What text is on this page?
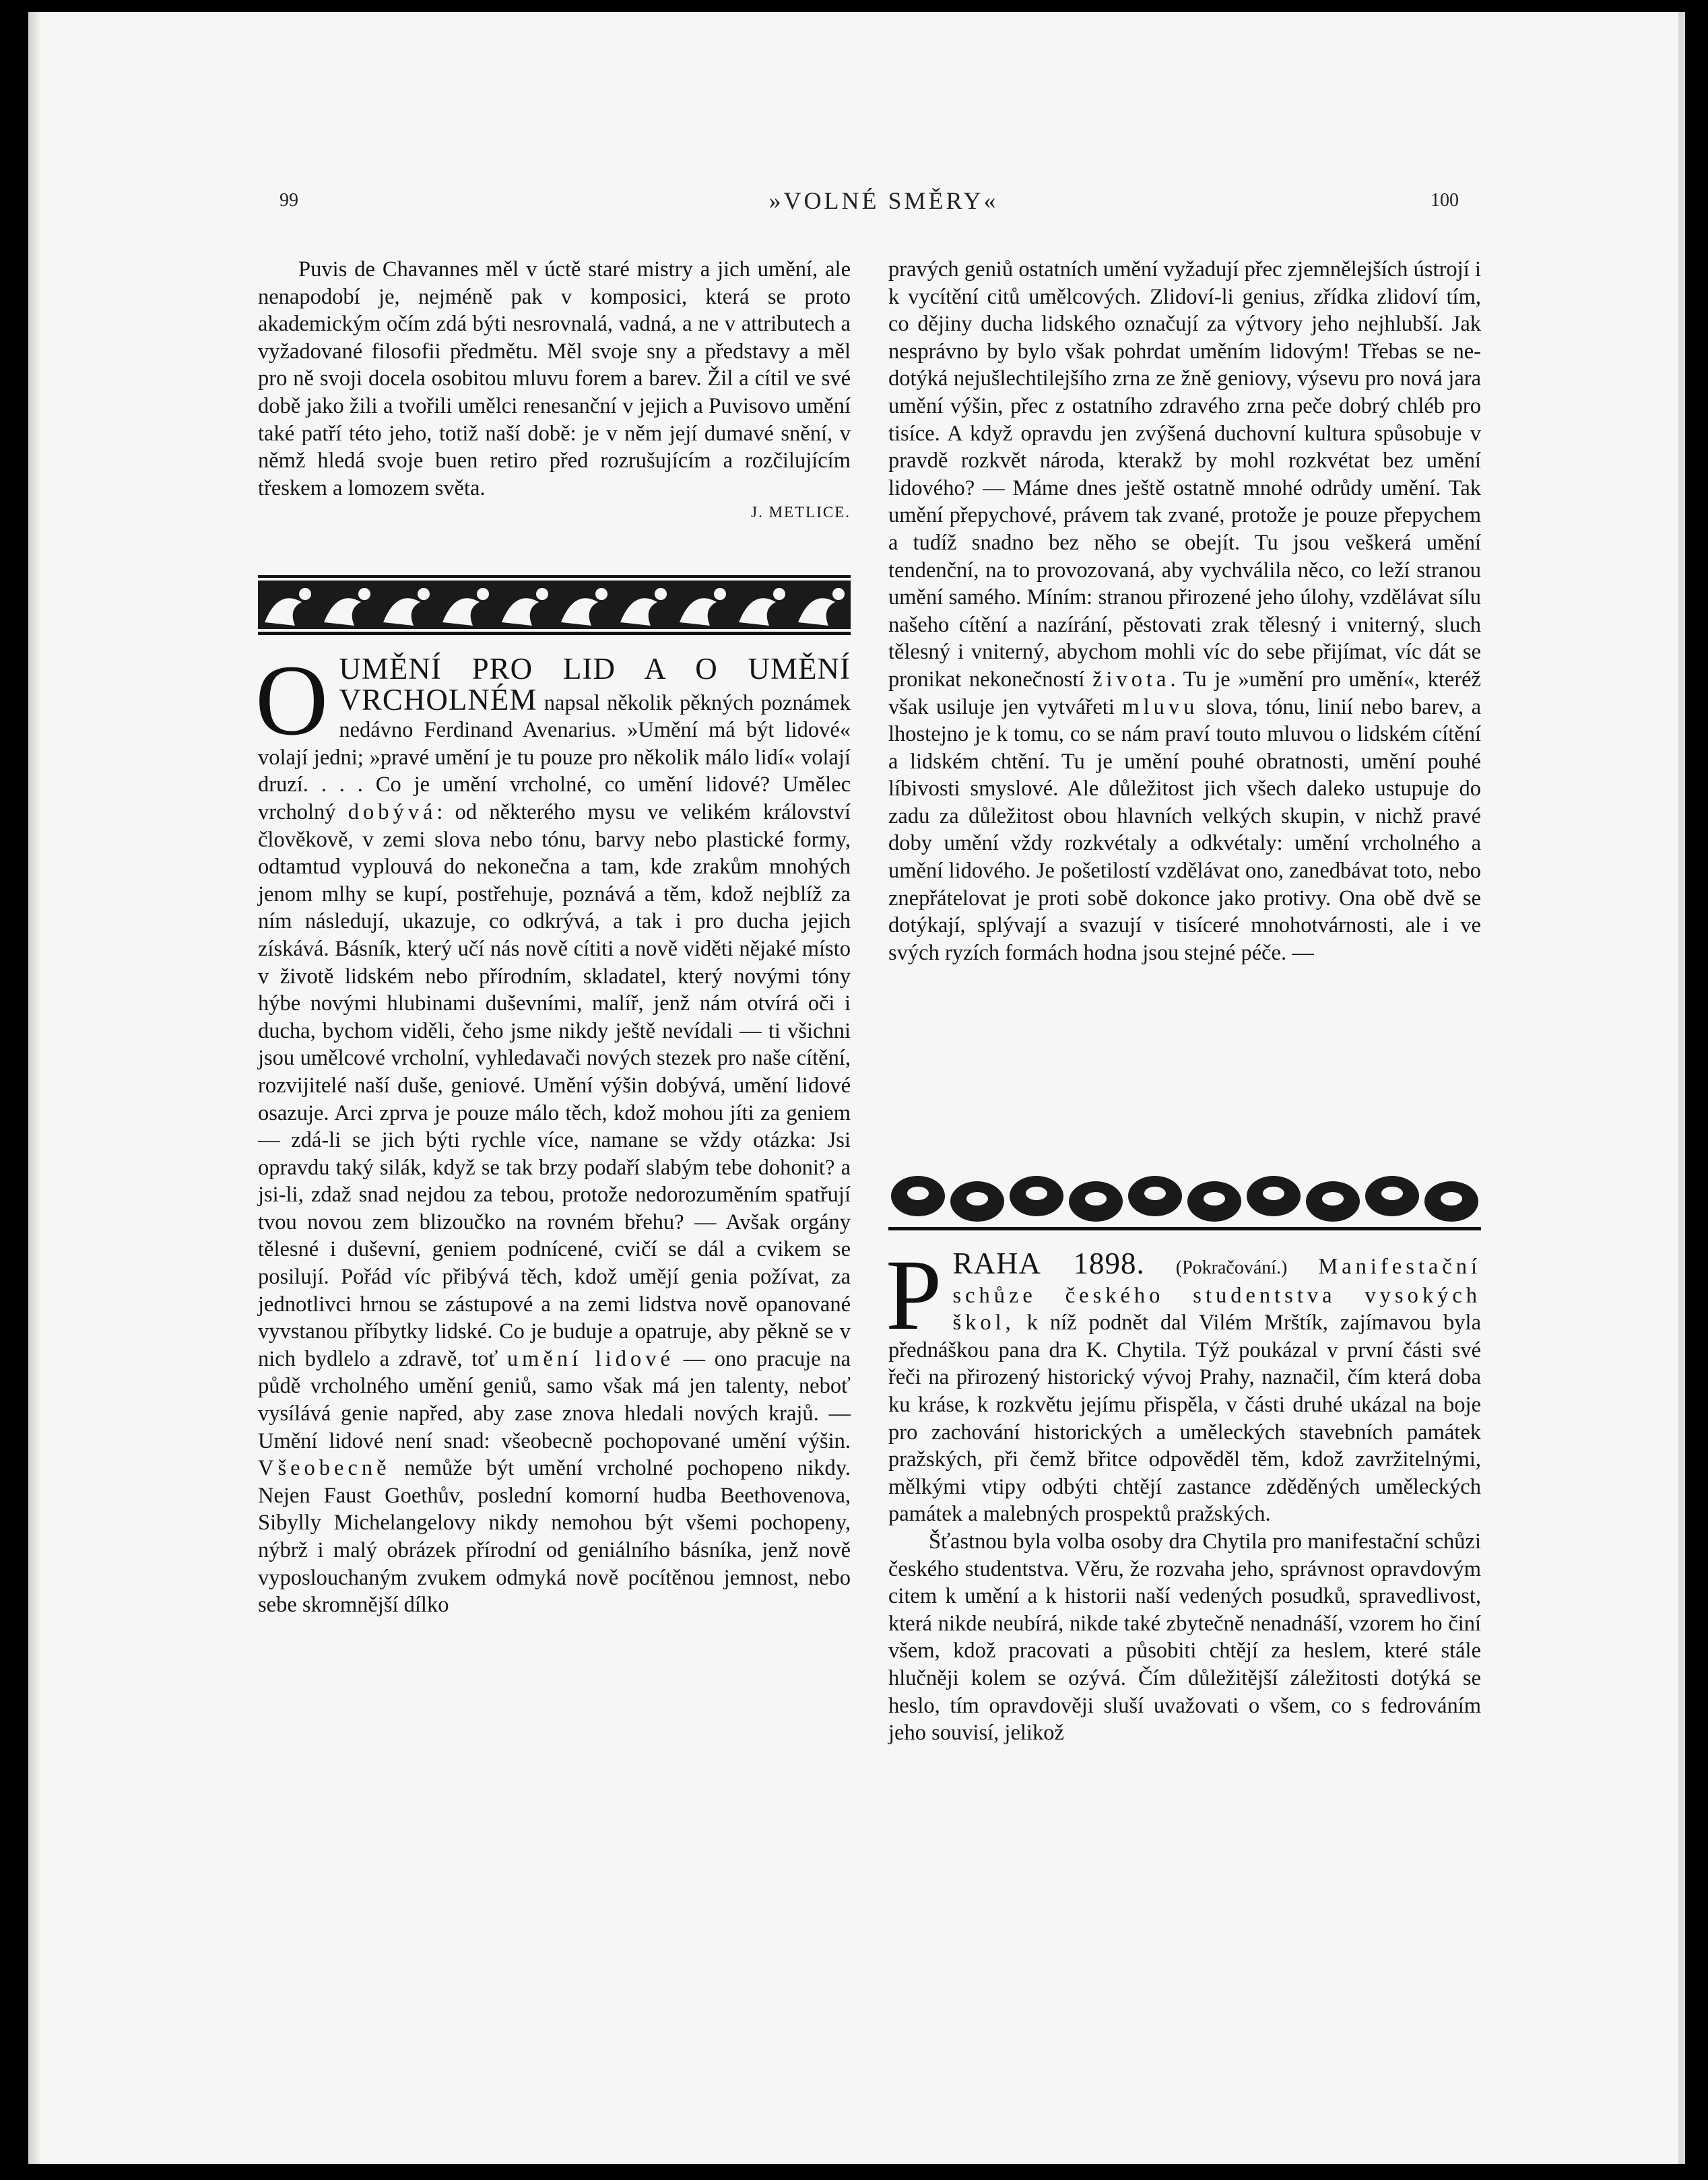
99	»VOLNÉ SMĚRY«	100

Puvis de Chavannes měl v úctě staré mistry a jich umění, ale nenapodobí je, nejméně pak v komposici, která se proto akademickým očím zdá býti nesrovnalá, vadná, a ne v attributech a vyžadované filosofii předmětu. Měl svoje sny a představy a měl pro ně svoji docela osobitou mluvu forem a barev. Žil a cítil ve své době jako žili a tvořili umělci renesanční v jejich a Puvisovo umění také patří této jeho, totiž naší době: je v něm její dumavé snění, v němž hledá svoje buen retiro před rozrušujícím a rozčilujícím třeskem a lomozem světa.

J. METLICE.

OUMĚNÍ PRO LID A O UMĚNÍ VRCHOLNÉM napsal několik pěkných poznámek nedávno Ferdinand Avenarius. »Umění má být lidové« volají jedni; »pravé umění je tu pouze pro několik málo lidí« volají druzí. . . . Co je umění vrcholné, co umění lidové? Umělec vrcholný dobývá: od některého mysu ve velikém království člověkově, v zemi slova nebo tónu, barvy nebo plastické formy, odtamtud vyplouvá do nekonečna a tam, kde zrakům mnohých jenom mlhy se kupí, postřehuje, poznává a těm, kdož nejblíž za ním následují, ukazuje, co odkrývá, a tak i pro ducha jejich získává. Básník, který učí nás nově cítiti a nově viděti nějaké místo v životě lidském nebo přírodním, skladatel, který novými tóny hýbe novými hlubinami duševními, malíř, jenž nám otvírá oči i ducha, bychom viděli, čeho jsme nikdy ještě nevídali — ti všichni jsou umělcové vrcholní, vyhledavači nových stezek pro naše cítění, rozvijitelé naší duše, geniové. Umění výšin dobývá, umění lidové osazuje. Arci zprva je pouze málo těch, kdož mohou jíti za geniem — zdá-li se jich býti rychle více, namane se vždy otázka: Jsi opravdu taký silák, když se tak brzy podaří slabým tebe dohonit? a jsi-li, zdaž snad nejdou za tebou, protože nedorozuměním spatřují tvou novou zem blizoučko na rovném břehu? — Avšak orgány tělesné i duševní, geniem podnícené, cvičí se dál a cvikem se posilují. Pořád víc přibývá těch, kdož umějí genia požívat, za jednotlivci hrnou se zástupové a na zemi lidstva nově opanované vyvstanou příbytky lidské. Co je buduje a opatruje, aby pěkně se v nich bydlelo a zdravě, toť umění lidové — ono pracuje na půdě vrcholného umění geniů, samo však má jen talenty, neboť vysílává genie napřed, aby zase znova hledali nových krajů. — Umění lidové není snad: všeobecně pochopované umění výšin. Všeobecně nemůže být umění vrcholné pochopeno nikdy. Nejen Faust Goethův, poslední komorní hudba Beethovenova, Sibylly Michelangelovy nikdy nemohou být všemi pochopeny, nýbrž i malý obrázek přírodní od geniálního básníka, jenž nově vyposlouchaným zvukem odmyká nově pocítěnou jemnost, nebo sebe skromnější dílko

pravých geniů ostatních umění vyžadují přec zjemnělejších ústrojí i k vycítění citů umělcových. Zlidoví-li genius, zřídka zlidoví tím, co dějiny ducha lidského označují za výtvory jeho nejhlubší. Jak nesprávno by bylo však pohrdat uměním lidovým! Třebas se nedotýká nejušlechtilejšího zrna ze žně geniovy, výsevu pro nová jara umění výšin, přec z ostatního zdravého zrna peče dobrý chléb pro tisíce. A když opravdu jen zvýšená duchovní kultura spůsobuje v pravdě rozkvět národa, kterakž by mohl rozkvétat bez umění lidového? — Máme dnes ještě ostatně mnohé odrůdy umění. Tak umění přepychové, právem tak zvané, protože je pouze přepychem a tudíž snadno bez něho se obejít. Tu jsou veškerá umění tendenční, na to provozovaná, aby vychválila něco, co leží stranou umění samého. Míním: stranou přirozené jeho úlohy, vzdělávat sílu našeho cítění a nazírání, pěstovati zrak tělesný i vniterný, sluch tělesný i vniterný, abychom mohli víc do sebe přijímat, víc dát se pronikat nekonečností života. Tu je »umění pro umění«, kteréž však usiluje jen vytvářeti mluvu slova, tónu, linií nebo barev, a lhostejno je k tomu, co se nám praví touto mluvou o lidském cítění a lidském chtění. Tu je umění pouhé obratnosti, umění pouhé líbivosti smyslové. Ale důležitost jich všech daleko ustupuje do zadu za důležitost obou hlavních velkých skupin, v nichž pravé doby umění vždy rozkvétaly a odkvétaly: umění vrcholného a umění lidového. Je pošetilostí vzdělávat ono, zanedbávat toto, nebo znepřátelovat je proti sobě dokonce jako protivy. Ona obě dvě se dotýkají, splývají a svazují v tisíceré mnohotvárnosti, ale i ve svých ryzích formách hodna jsou stejné péče. —

PRAHA 1898. (Pokračování.) Manifestační schůze českého studentstva vysokých škol, k níž podnět dal Vilém Mrštík, zajímavou byla přednáškou pana dra K. Chytila. Týž poukázal v první části své řeči na přirozený historický vývoj Prahy, naznačil, čím která doba ku kráse, k rozkvětu jejímu přispěla, v části druhé ukázal na boje pro zachování historických a uměleckých stavebních památek pražských, při čemž břitce odpověděl těm, kdož zavržitelnými, mělkými vtipy odbýti chtějí zastance zděděných uměleckých památek a malebných prospektů pražských.

Šťastnou byla volba osoby dra Chytila pro manifestační schůzi českého studentstva. Věru, že rozvaha jeho, správnost opravdovým citem k umění a k historii naší vedených posudků, spravedlivost, která nikde neubírá, nikde také zbytečně nenadnáší, vzorem ho činí všem, kdož pracovati a působiti chtějí za heslem, které stále hlučněji kolem se ozývá. Čím důležitější záležitosti dotýká se heslo, tím opravdověji sluší uvažovati o všem, co s fedrováním jeho souvisí, jelikož
